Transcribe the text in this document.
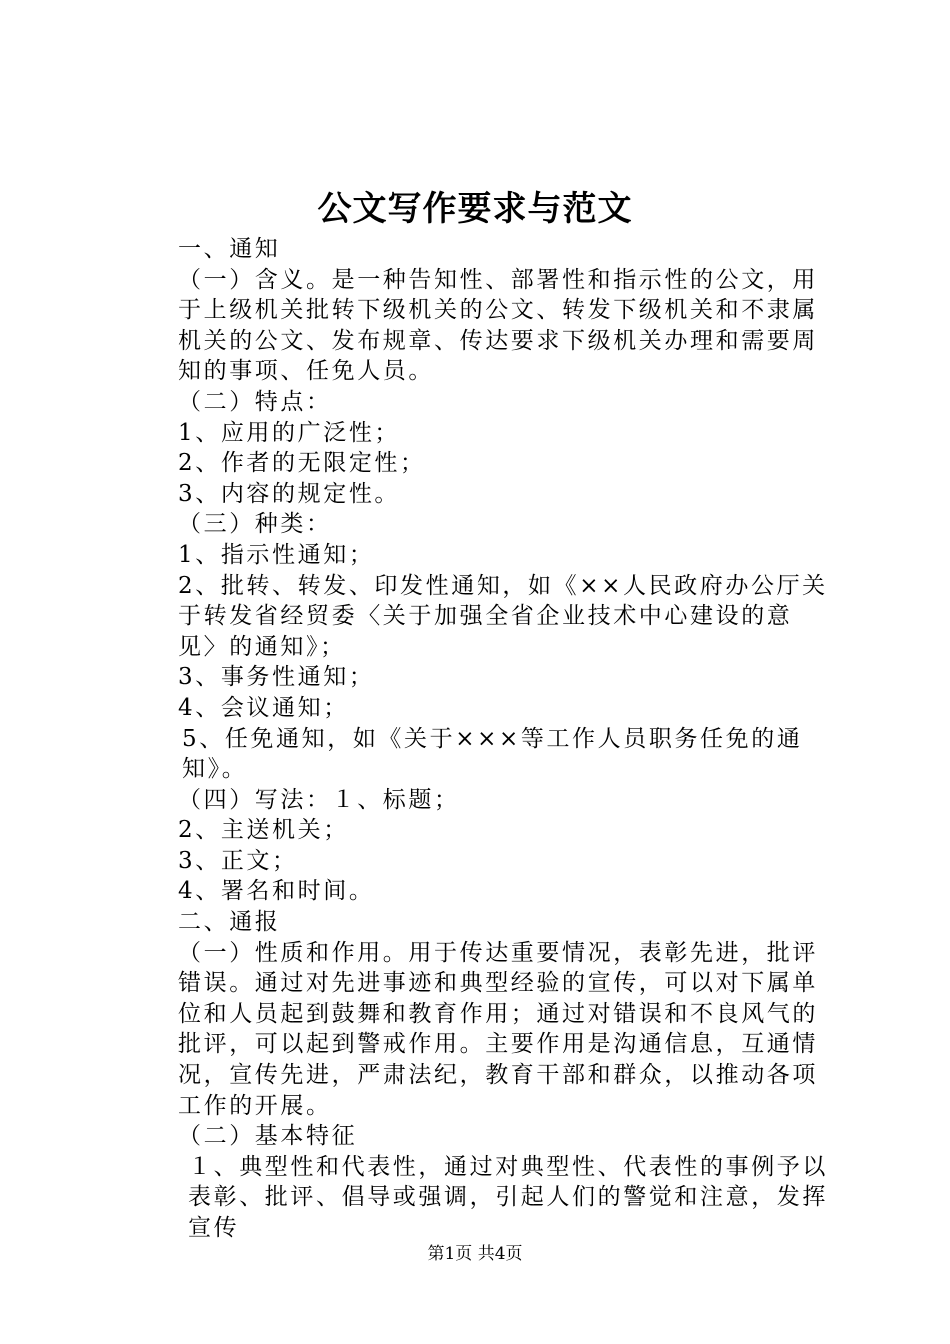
公文写作要求与范文

一、通知

（一）含义。是一种告知性、部署性和指示性的公文，用于上级机关批转下级机关的公文、转发下级机关和不隶属机关的公文、发布规章、传达要求下级机关办理和需要周知的事项、任免人员。

（二）特点：

1、应用的广泛性；

2、作者的无限定性；

3、内容的规定性。

（三）种类：

1、指示性通知；

2、批转、转发、印发性通知，如《××人民政府办公厅关于转发省经贸委〈关于加强全省企业技术中心建设的意见〉的通知》；

3、事务性通知；

4、会议通知；

5、任免通知，如《关于×××等工作人员职务任免的通知》。

（四）写法：１、标题；

2、主送机关；

3、正文；

4、署名和时间。

二、通报

（一）性质和作用。用于传达重要情况，表彰先进，批评错误。通过对先进事迹和典型经验的宣传，可以对下属单位和人员起到鼓舞和教育作用；通过对错误和不良风气的批评，可以起到警戒作用。主要作用是沟通信息，互通情况，宣传先进，严肃法纪，教育干部和群众，以推动各项工作的开展。

（二）基本特征

１、典型性和代表性，通过对典型性、代表性的事例予以表彰、批评、倡导或强调，引起人们的警觉和注意，发挥宣传

第1页 共4页
